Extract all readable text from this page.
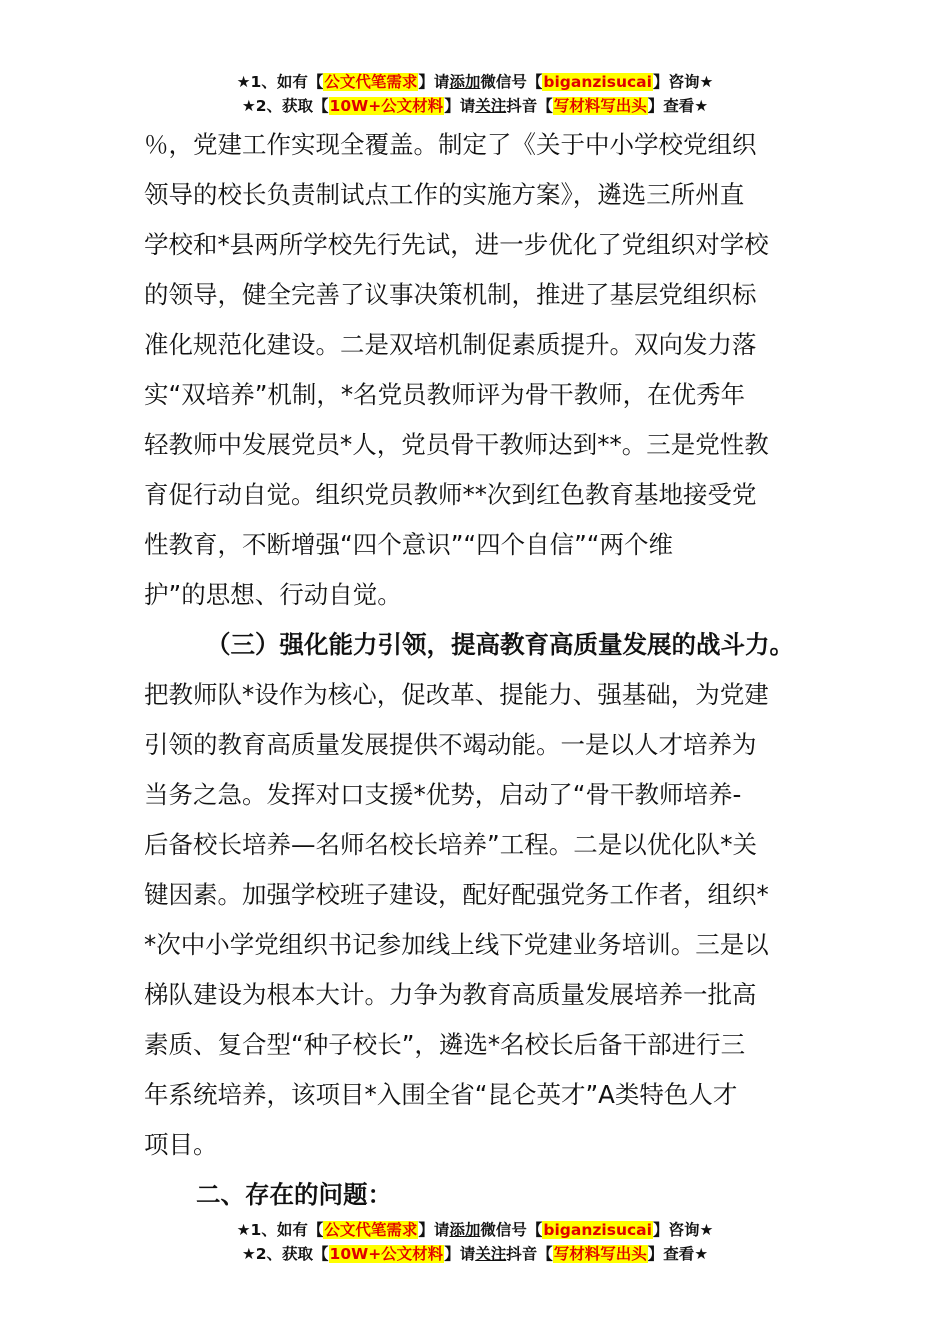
★1、如有【公文代笔需求】请添加微信号【biganzisucai】咨询★
★2、获取【10W+公文材料】请关注抖音【写材料写出头】查看★
％，党建工作实现全覆盖。制定了《关于中小学校党组织
领导的校长负责制试点工作的实施方案》，遴选三所州直
学校和*县两所学校先行先试，进一步优化了党组织对学校
的领导，健全完善了议事决策机制，推进了基层党组织标
准化规范化建设。二是双培机制促素质提升。双向发力落
实“双培养”机制，*名党员教师评为骨干教师，在优秀年
轻教师中发展党员*人，党员骨干教师达到**。三是党性教
育促行动自觉。组织党员教师**次到红色教育基地接受党
性教育，不断增强“四个意识”“四个自信”“两个维
护”的思想、行动自觉。
（三）强化能力引领，提高教育高质量发展的战斗力。
把教师队*设作为核心，促改革、提能力、强基础，为党建
引领的教育高质量发展提供不竭动能。一是以人才培养为
当务之急。发挥对口支援*优势，启动了“骨干教师培养-
后备校长培养—名师名校长培养”工程。二是以优化队*关
键因素。加强学校班子建设，配好配强党务工作者，组织*
*次中小学党组织书记参加线上线下党建业务培训。三是以
梯队建设为根本大计。力争为教育高质量发展培养一批高
素质、复合型“种子校长”，遴选*名校长后备干部进行三
年系统培养，该项目*入围全省“昆仑英才”A类特色人才
项目。
二、存在的问题：
★1、如有【公文代笔需求】请添加微信号【biganzisucai】咨询★
★2、获取【10W+公文材料】请关注抖音【写材料写出头】查看★
